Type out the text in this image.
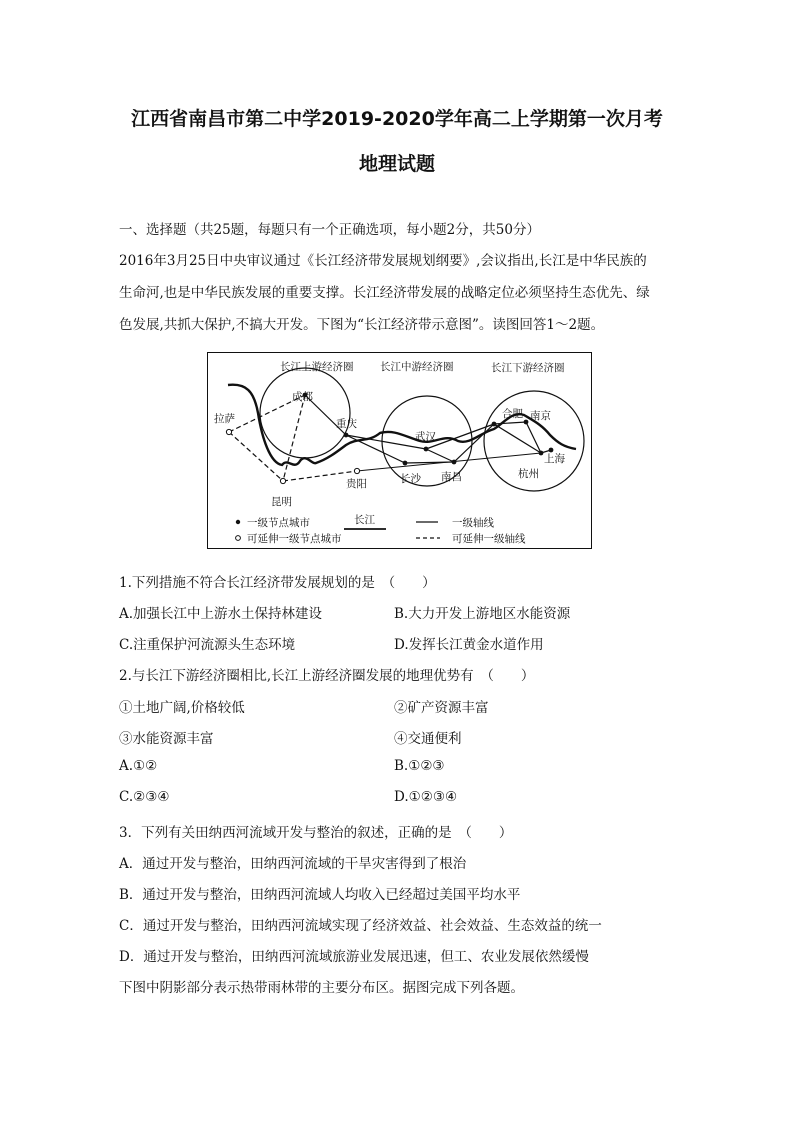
江西省南昌市第二中学2019-2020学年高二上学期第一次月考
地理试题
一、选择题（共25题，每题只有一个正确选项，每小题2分，共50分）
2016年3月25日中央审议通过《长江经济带发展规划纲要》,会议指出,长江是中华民族的
生命河,也是中华民族发展的重要支撑。长江经济带发展的战略定位必须坚持生态优先、绿
色发展,共抓大保护,不搞大开发。下图为“长江经济带示意图”。读图回答1～2题。
长江上游经济圈	长江中游经济圈	长江下游经济圈
拉萨
成都
重庆
武汉
合肥 南京
上海
杭州
南昌
长沙
贵阳
昆明
一级节点城市
可延伸一级节点城市
长江	一级轴线
可延伸一级轴线
1.下列措施不符合长江经济带发展规划的是　（　　）
A.加强长江中上游水土保持林建设	B.大力开发上游地区水能资源
C.注重保护河流源头生态环境	D.发挥长江黄金水道作用
2.与长江下游经济圈相比,长江上游经济圈发展的地理优势有　（　　）
①土地广阔,价格较低	②矿产资源丰富
③水能资源丰富	④交通便利
A.①②	B.①②③
C.②③④	D.①②③④
3．下列有关田纳西河流域开发与整治的叙述，正确的是　（　　）
A．通过开发与整治，田纳西河流域的干旱灾害得到了根治
B．通过开发与整治，田纳西河流域人均收入已经超过美国平均水平
C．通过开发与整治，田纳西河流域实现了经济效益、社会效益、生态效益的统一
D．通过开发与整治，田纳西河流域旅游业发展迅速，但工、农业发展依然缓慢
下图中阴影部分表示热带雨林带的主要分布区。据图完成下列各题。
